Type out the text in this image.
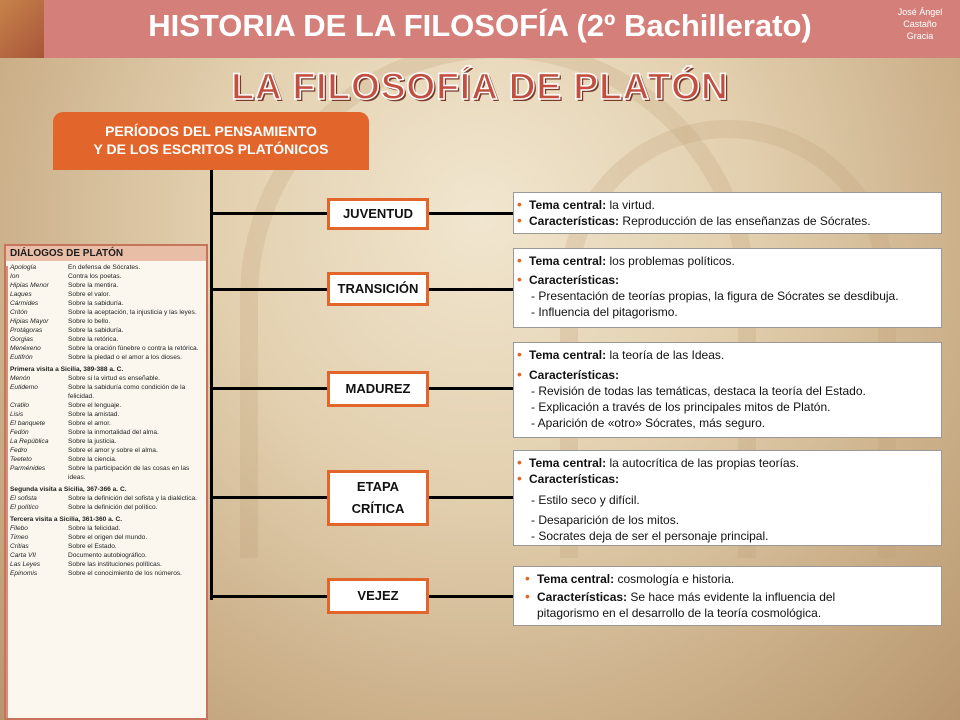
HISTORIA DE LA FILOSOFÍA (2º Bachillerato)	José Ángel
Castaño
Gracia
LA FILOSOFÍA DE PLATÓN
PERÍODOS DEL PENSAMIENTO
Y DE LOS ESCRITOS PLATÓNICOS
JUVENTUD
TRANSICIÓN
MADUREZ
ETAPA
CRÍTICA
VEJEZ
• Tema central: la virtud.
• Características: Reproducción de las enseñanzas de Sócrates.
• Tema central: los problemas políticos.
• Características:
- Presentación de teorías propias, la figura de Sócrates se desdibuja.
- Influencia del pitagorismo.
• Tema central: la teoría de las Ideas.
• Características:
- Revisión de todas las temáticas, destaca la teoría del Estado.
- Explicación a través de los principales mitos de Platón.
- Aparición de «otro» Sócrates, más seguro.
• Tema central: la autocrítica de las propias teorías.
• Características:
- Estilo seco y difícil.
- Desaparición de los mitos.
- Socrates deja de ser el personaje principal.
• Tema central: cosmología e historia.
• Características: Se hace más evidente la influencia del
pitagorismo en el desarrollo de la teoría cosmológica.
DIÁLOGOS DE PLATÓN
Apología	En defensa de Sócrates.
Ion	Contra los poetas.
Hipias Menor	Sobre la mentira.
Laques	Sobre el valor.
Cármides	Sobre la sabiduría.
Critón	Sobre la aceptación, la injusticia y las leyes.
Hipias Mayor	Sobre lo bello.
Protágoras	Sobre la sabiduría.
Gorgias	Sobre la retórica.
Menéxeno	Sobre la oración fúnebre o contra la retórica.
Eutifrón	Sobre la piedad o el amor a los dioses.
Primera visita a Sicilia, 389-388 a. C.
Menón	Sobre si la virtud es enseñable.
Eutidemo	Sobre la sabiduría como condición de la felicidad.
Cratilo	Sobre el lenguaje.
Lisis	Sobre la amistad.
El banquete	Sobre el amor.
Fedón	Sobre la inmortalidad del alma.
La República	Sobre la justicia.
Fedro	Sobre el amor y sobre el alma.
Teeteto	Sobre la ciencia.
Parménides	Sobre la participación de las cosas en las ideas.
Segunda visita a Sicilia, 367-366 a. C.
El sofista	Sobre la definición del sofista y la dialéctica.
El político	Sobre la definición del político.
Tercera visita a Sicilia, 361-360 a. C.
Filebo	Sobre la felicidad.
Timeo	Sobre el origen del mundo.
Critias	Sobre el Estado.
Carta VII	Documento autobiográfico.
Las Leyes	Sobre las instituciones políticas.
Epinomis	Sobre el conocimiento de los números.
